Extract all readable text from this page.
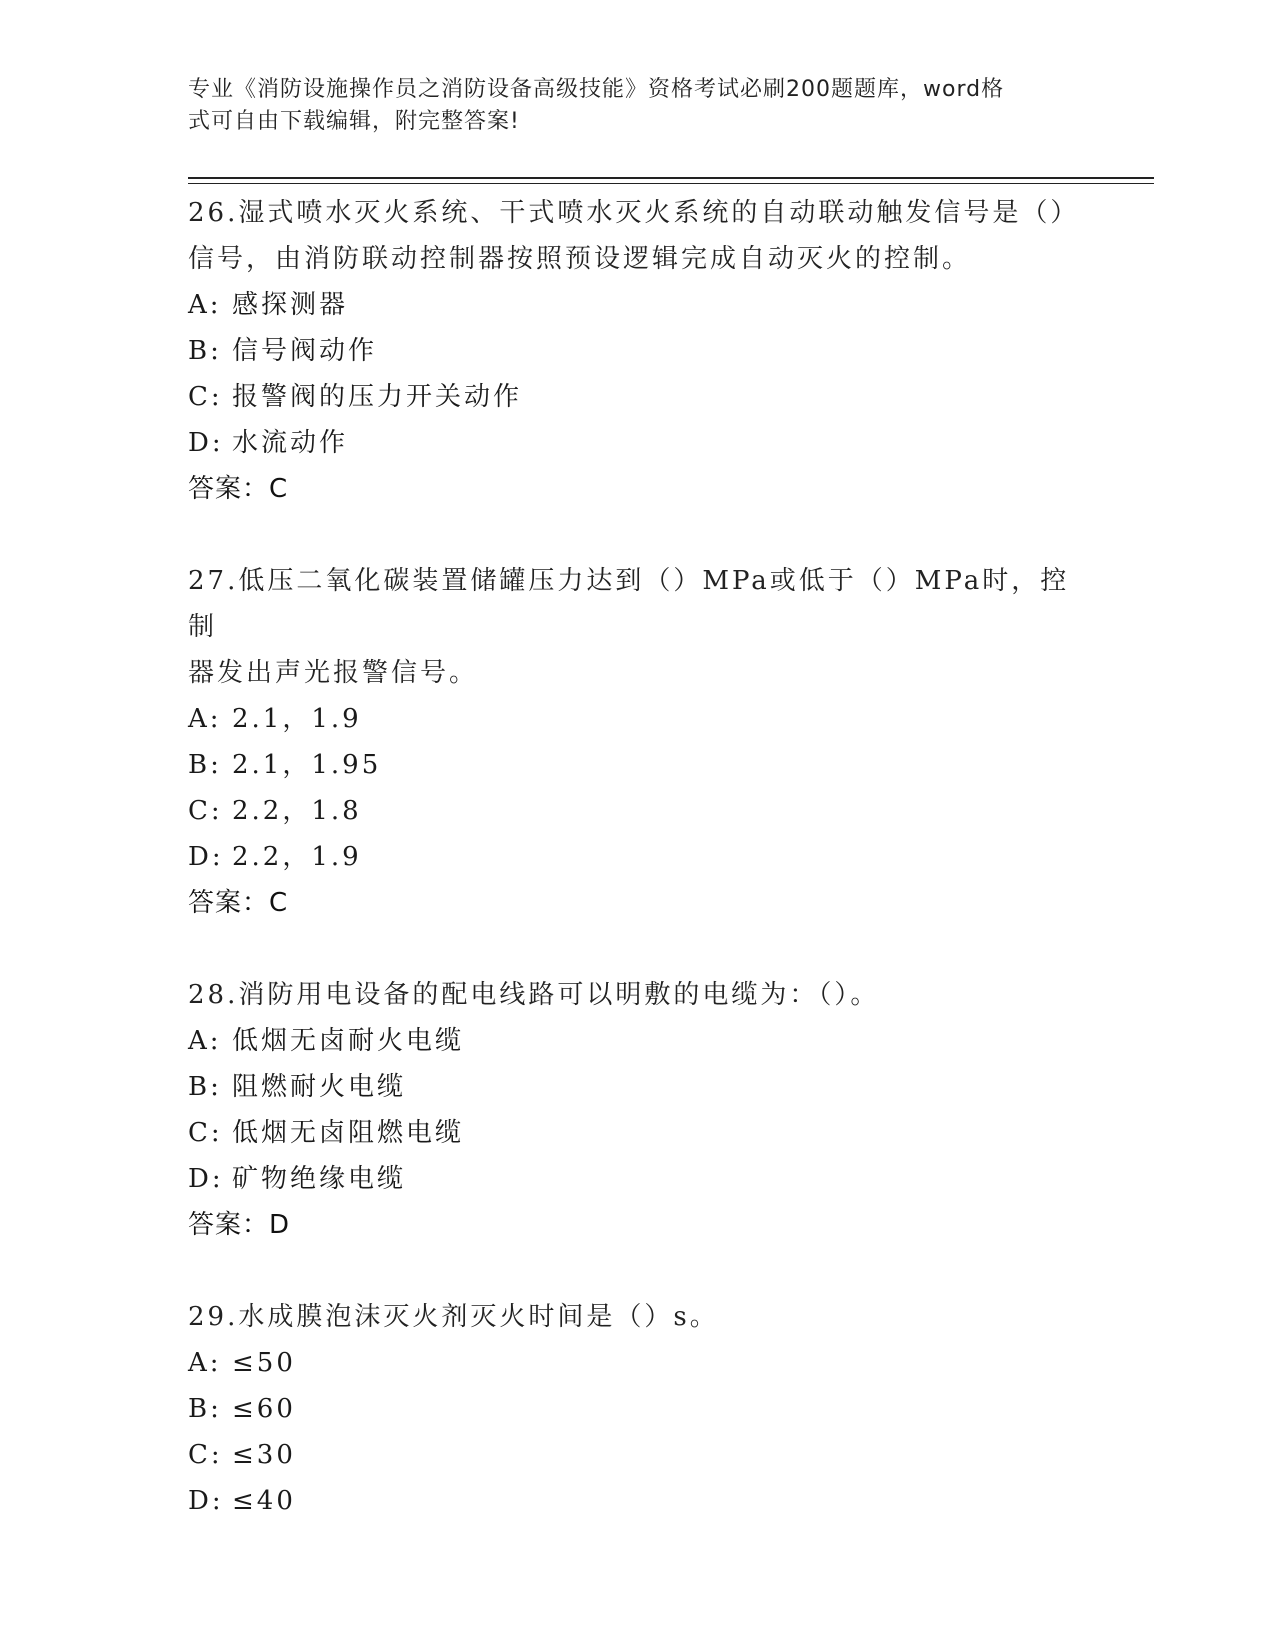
专业《消防设施操作员之消防设备高级技能》资格考试必刷200题题库，word格
式可自由下载编辑，附完整答案!
26.湿式喷水灭火系统、干式喷水灭火系统的自动联动触发信号是（）
信号，由消防联动控制器按照预设逻辑完成自动灭火的控制。
A: 感探测器
B: 信号阀动作
C: 报警阀的压力开关动作
D: 水流动作
答案：C
27.低压二氧化碳装置储罐压力达到（）MPa或低于（）MPa时，控制
器发出声光报警信号。
A: 2.1，1.9
B: 2.1，1.95
C: 2.2，1.8
D: 2.2，1.9
答案：C
28.消防用电设备的配电线路可以明敷的电缆为：（）。
A: 低烟无卤耐火电缆
B: 阻燃耐火电缆
C: 低烟无卤阻燃电缆
D: 矿物绝缘电缆
答案：D
29.水成膜泡沫灭火剂灭火时间是（）s。
A: ≤50
B: ≤60
C: ≤30
D: ≤40
